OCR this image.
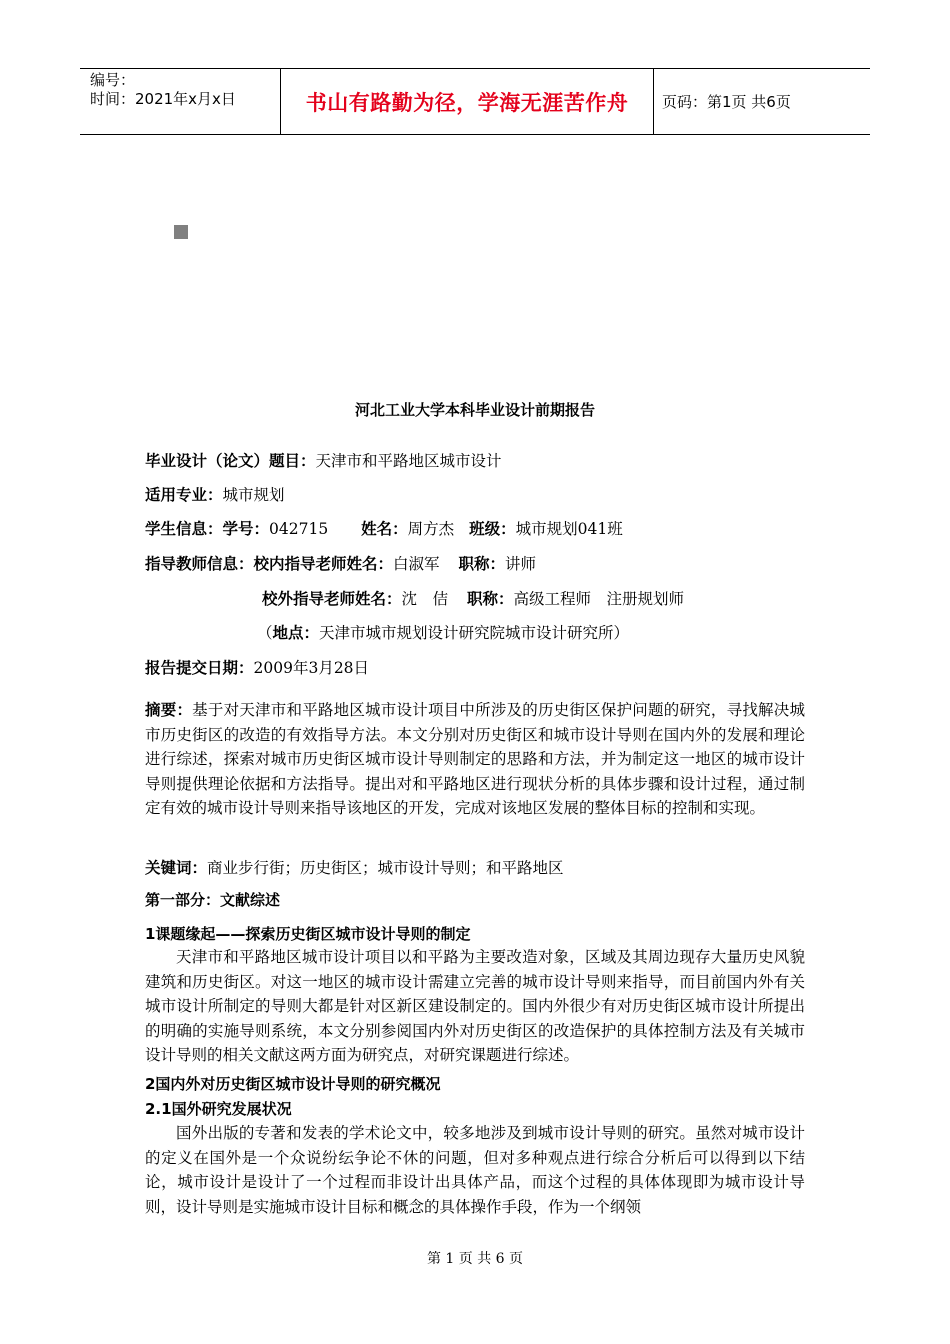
编号：
时间：2021年x月x日	书山有路勤为径，学海无涯苦作舟	页码：第1页 共6页
河北工业大学本科毕业设计前期报告
毕业设计（论文）题目：天津市和平路地区城市设计
适用专业：城市规划
学生信息：学号：042715 姓名：周方杰 班级：城市规划041班
指导教师信息：校内指导老师姓名：白淑军 职称：讲师
校外指导老师姓名：沈　佶 职称：高级工程师　注册规划师
（地点：天津市城市规划设计研究院城市设计研究所）
报告提交日期：2009年3月28日
摘要：基于对天津市和平路地区城市设计项目中所涉及的历史街区保护问题的研究，寻找解决城市历史街区的改造的有效指导方法。本文分别对历史街区和城市设计导则在国内外的发展和理论进行综述，探索对城市历史街区城市设计导则制定的思路和方法，并为制定这一地区的城市设计导则提供理论依据和方法指导。提出对和平路地区进行现状分析的具体步骤和设计过程，通过制定有效的城市设计导则来指导该地区的开发，完成对该地区发展的整体目标的控制和实现。
关键词：商业步行街；历史街区；城市设计导则；和平路地区
第一部分：文献综述
1课题缘起——探索历史街区城市设计导则的制定
天津市和平路地区城市设计项目以和平路为主要改造对象，区域及其周边现存大量历史风貌建筑和历史街区。对这一地区的城市设计需建立完善的城市设计导则来指导，而目前国内外有关城市设计所制定的导则大都是针对区新区建设制定的。国内外很少有对历史街区城市设计所提出的明确的实施导则系统，本文分别参阅国内外对历史街区的改造保护的具体控制方法及有关城市设计导则的相关文献这两方面为研究点，对研究课题进行综述。
2国内外对历史街区城市设计导则的研究概况
2.1国外研究发展状况
国外出版的专著和发表的学术论文中，较多地涉及到城市设计导则的研究。虽然对城市设计的定义在国外是一个众说纷纭争论不休的问题，但对多种观点进行综合分析后可以得到以下结论，城市设计是设计了一个过程而非设计出具体产品，而这个过程的具体体现即为城市设计导则，设计导则是实施城市设计目标和概念的具体操作手段，作为一个纲领
第 1 页 共 6 页
